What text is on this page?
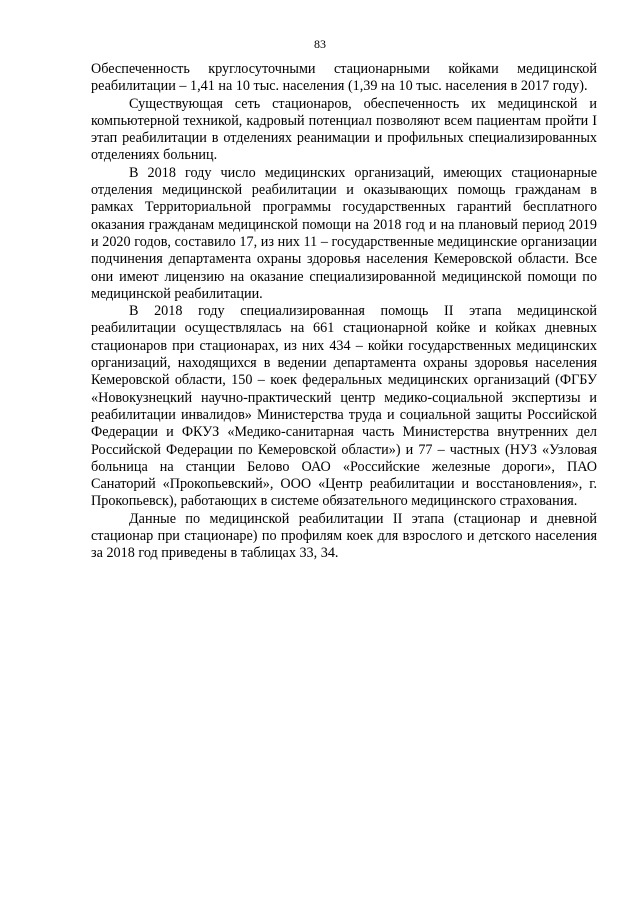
83

Обеспеченность круглосуточными стационарными койками медицинской реабилитации – 1,41 на 10 тыс. населения (1,39 на 10 тыс. населения в 2017 году).

Существующая сеть стационаров, обеспеченность их медицинской и компьютерной техникой, кадровый потенциал позволяют всем пациентам пройти I этап реабилитации в отделениях реанимации и профильных специализированных отделениях больниц.

В 2018 году число медицинских организаций, имеющих стационарные отделения медицинской реабилитации и оказывающих помощь гражданам в рамках Территориальной программы государственных гарантий бесплатного оказания гражданам медицинской помощи на 2018 год и на плановый период 2019 и 2020 годов, составило 17, из них 11 – государственные медицинские организации подчинения департамента охраны здоровья населения Кемеровской области. Все они имеют лицензию на оказание специализированной медицинской помощи по медицинской реабилитации.

В 2018 году специализированная помощь II этапа медицинской реабилитации осуществлялась на 661 стационарной койке и койках дневных стационаров при стационарах, из них 434 – койки государственных медицинских организаций, находящихся в ведении департамента охраны здоровья населения Кемеровской области, 150 – коек федеральных медицинских организаций (ФГБУ «Новокузнецкий научно-практический центр медико-социальной экспертизы и реабилитации инвалидов» Министерства труда и социальной защиты Российской Федерации и ФКУЗ «Медико-санитарная часть Министерства внутренних дел Российской Федерации по Кемеровской области») и 77 – частных (НУЗ «Узловая больница на станции Белово ОАО «Российские железные дороги», ПАО Санаторий «Прокопьевский», ООО «Центр реабилитации и восстановления», г. Прокопьевск), работающих в системе обязательного медицинского страхования.

Данные по медицинской реабилитации II этапа (стационар и дневной стационар при стационаре) по профилям коек для взрослого и детского населения за 2018 год приведены в таблицах 33, 34.
